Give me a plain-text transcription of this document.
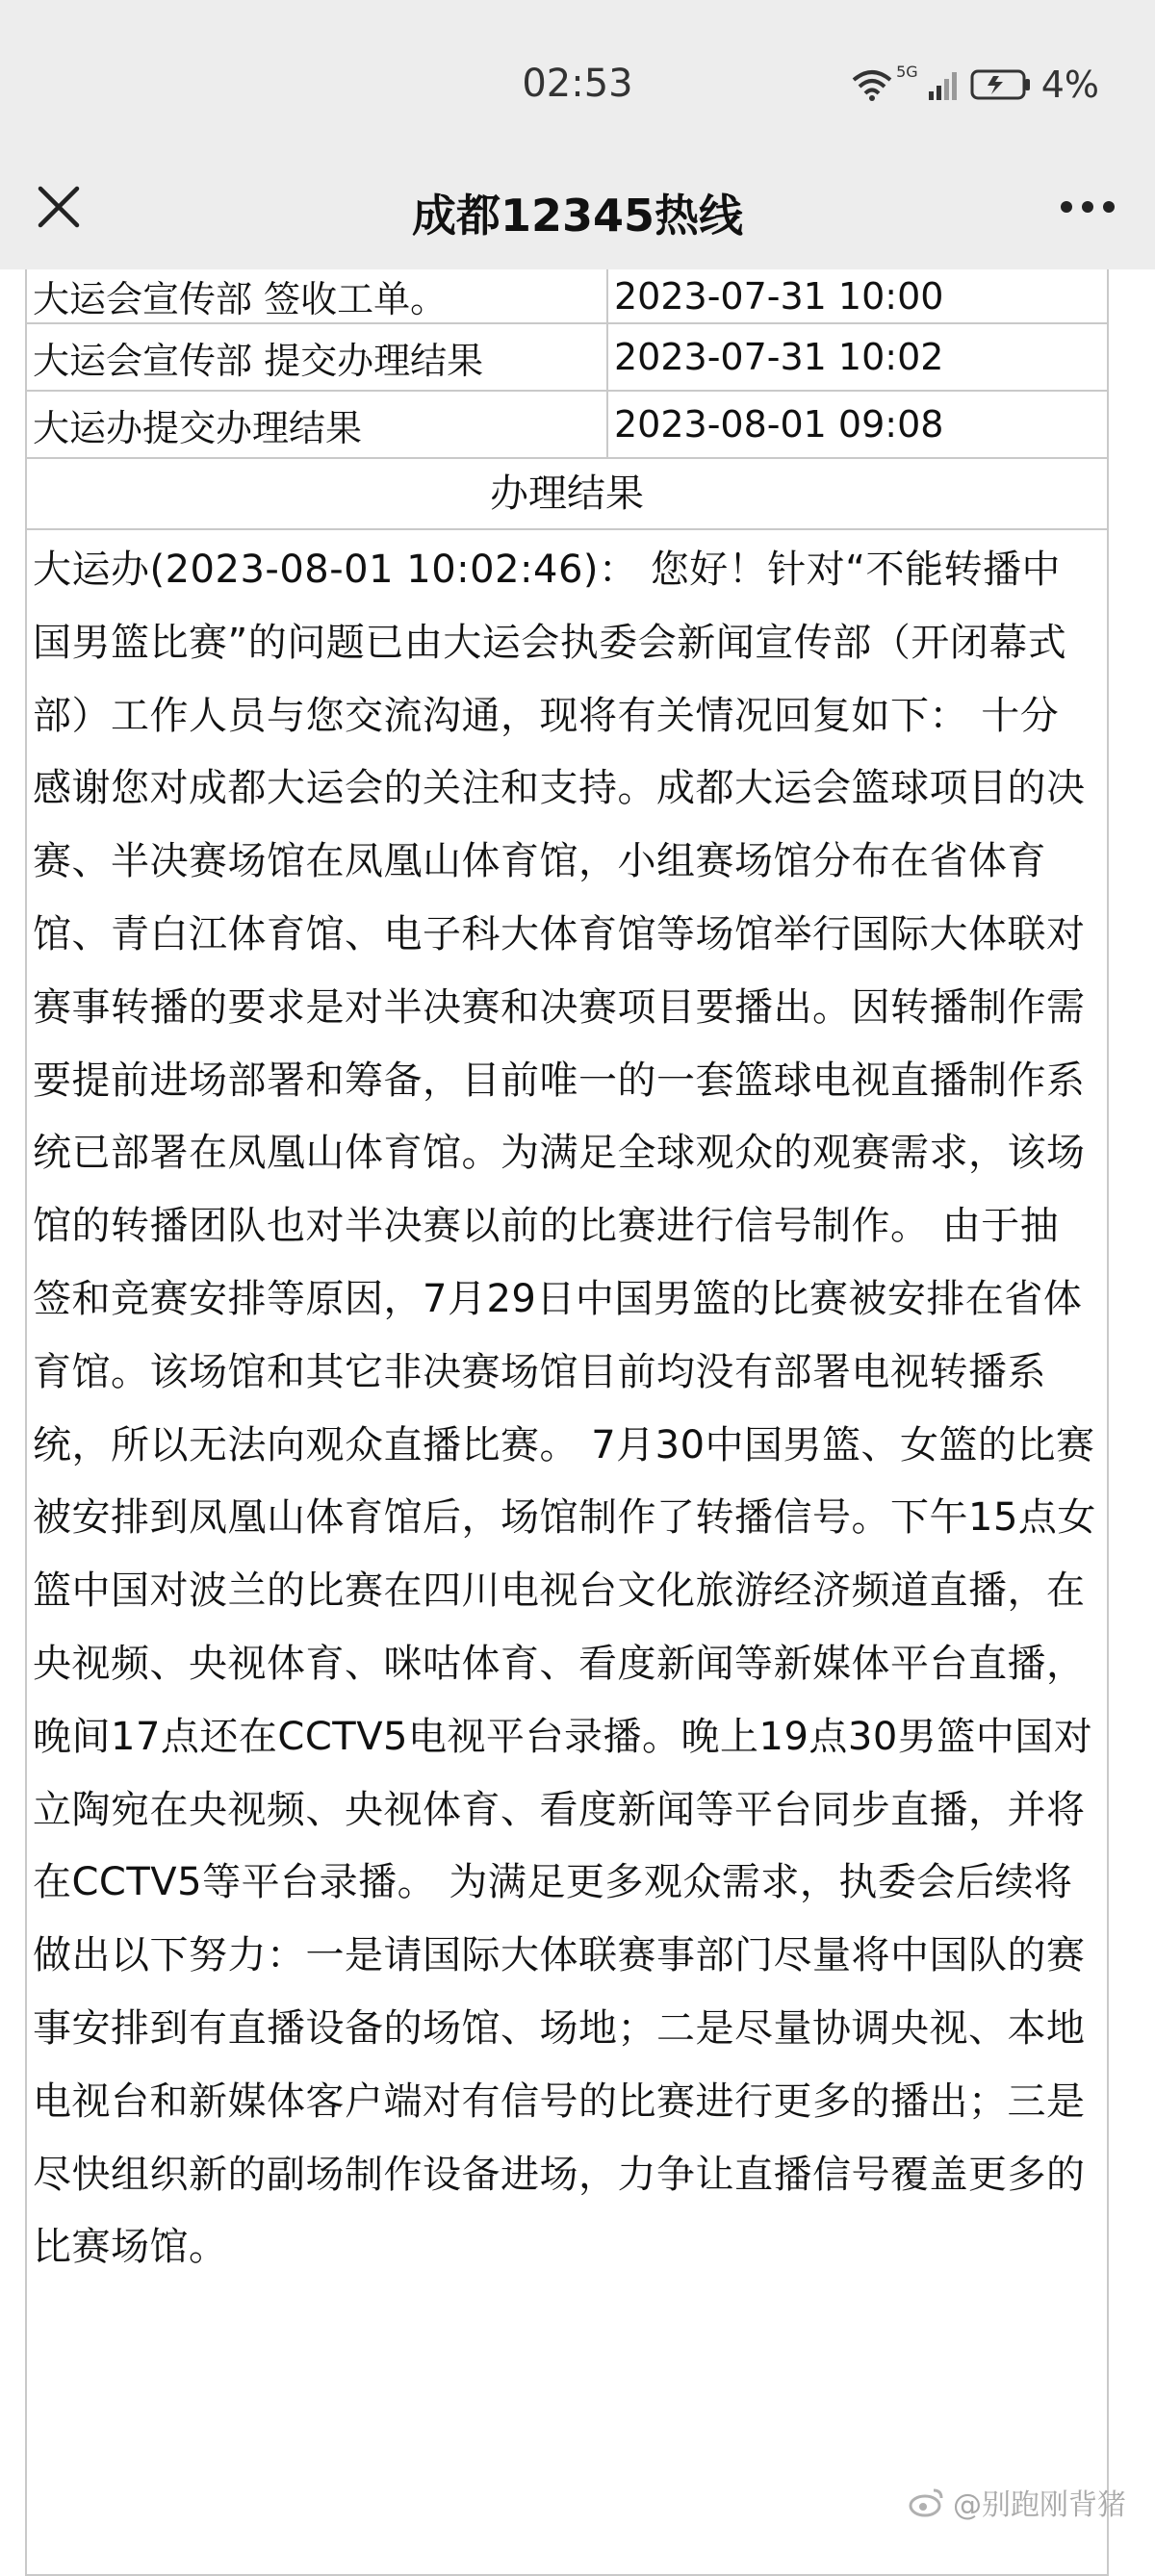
02:53	5G	4%
成都12345热线
大运会宣传部 签收工单。	2023-07-31 10:00
大运会宣传部 提交办理结果	2023-07-31 10:02
大运办提交办理结果	2023-08-01 09:08
办理结果
大运办(2023-08-01 10:02:46)： 您好！针对“不能转播中国男篮比赛”的问题已由大运会执委会新闻宣传部（开闭幕式部）工作人员与您交流沟通，现将有关情况回复如下： 十分感谢您对成都大运会的关注和支持。成都大运会篮球项目的决赛、半决赛场馆在凤凰山体育馆，小组赛场馆分布在省体育馆、青白江体育馆、电子科大体育馆等场馆举行国际大体联对赛事转播的要求是对半决赛和决赛项目要播出。因转播制作需要提前进场部署和筹备，目前唯一的一套篮球电视直播制作系统已部署在凤凰山体育馆。为满足全球观众的观赛需求，该场馆的转播团队也对半决赛以前的比赛进行信号制作。 由于抽签和竞赛安排等原因，7月29日中国男篮的比赛被安排在省体育馆。该场馆和其它非决赛场馆目前均没有部署电视转播系统，所以无法向观众直播比赛。 7月30中国男篮、女篮的比赛被安排到凤凰山体育馆后，场馆制作了转播信号。下午15点女篮中国对波兰的比赛在四川电视台文化旅游经济频道直播，在央视频、央视体育、咪咕体育、看度新闻等新媒体平台直播，晚间17点还在CCTV5电视平台录播。晚上19点30男篮中国对立陶宛在央视频、央视体育、看度新闻等平台同步直播，并将在CCTV5等平台录播。 为满足更多观众需求，执委会后续将做出以下努力：一是请国际大体联赛事部门尽量将中国队的赛事安排到有直播设备的场馆、场地；二是尽量协调央视、本地电视台和新媒体客户端对有信号的比赛进行更多的播出；三是尽快组织新的副场制作设备进场，力争让直播信号覆盖更多的比赛场馆。
@别跑刚背猪
